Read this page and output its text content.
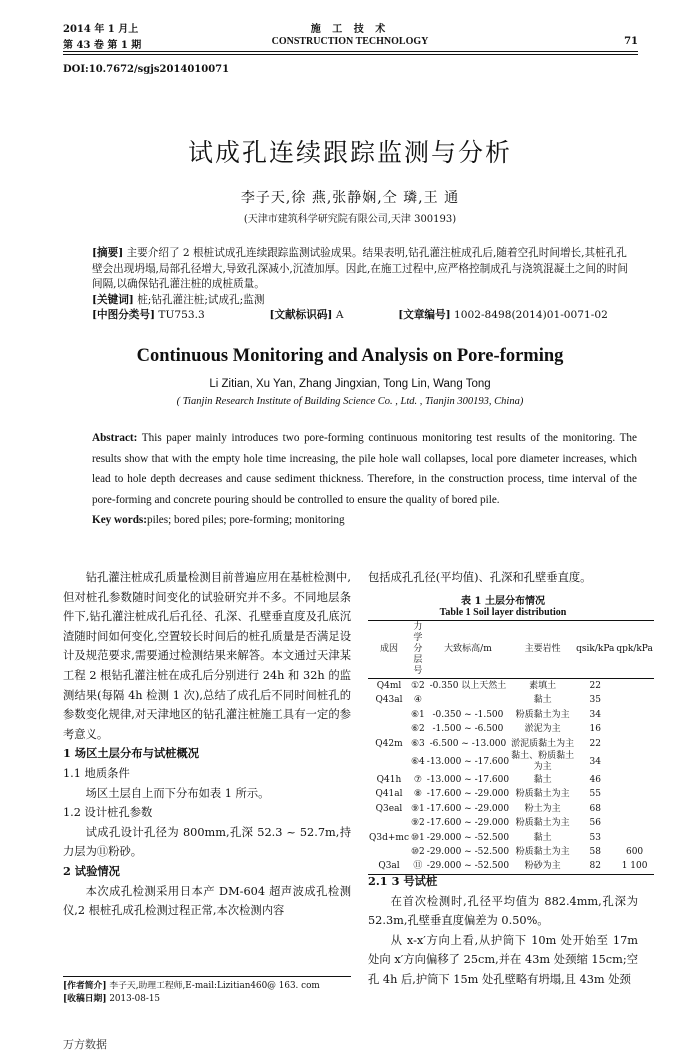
2014 年 1 月上
第 43 卷 第 1 期
施 工 技 术
CONSTRUCTION TECHNOLOGY	71
DOI:10.7672/sgjs2014010071
试成孔连续跟踪监测与分析
李子天,徐 燕,张静娴,仝 璘,王 通
(天津市建筑科学研究院有限公司,天津 300193)

[摘要] 主要介绍了 2 根桩试成孔连续跟踪监测试验成果。结果表明,钻孔灌注桩成孔后,随着空孔时间增长,其桩孔孔壁会出现坍塌,局部孔径增大,导致孔深减小,沉渣加厚。因此,在施工过程中,应严格控制成孔与浇筑混凝土之间的时间间隔,以确保钻孔灌注桩的成桩质量。

[关键词] 桩;钻孔灌注桩;试成孔;监测

[中图分类号] TU753.3	[文献标识码] A	[文章编号] 1002-8498(2014)01-0071-02

Continuous Monitoring and Analysis on Pore-forming
Li Zitian, Xu Yan, Zhang Jingxian, Tong Lin, Wang Tong
( Tianjin Research Institute of Building Science Co. , Ltd. , Tianjin 300193, China)
Abstract: This paper mainly introduces two pore-forming continuous monitoring test results of the monitoring. The results show that with the empty hole time increasing, the pile hole wall collapses, local pore diameter increases, which lead to hole depth decreases and cause sediment thickness. Therefore, in the construction process, time interval of the pore-forming and concrete pouring should be controlled to ensure the quality of bored pile.
Key words:piles; bored piles; pore-forming; monitoring

钻孔灌注桩成孔质量检测目前普遍应用在基桩检测中,但对桩孔参数随时间变化的试验研究并不多。不同地层条件下,钻孔灌注桩成孔后孔径、孔深、孔壁垂直度及孔底沉渣随时间如何变化,空置较长时间后的桩孔质量是否满足设计及规范要求,需要通过检测结果来解答。本文通过天津某工程 2 根钻孔灌注桩在成孔后分别进行 24h 和 32h 的监测结果(每隔 4h 检测 1 次),总结了成孔后不同时间桩孔的参数变化规律,对天津地区的钻孔灌注桩施工具有一定的参考意义。

1 场区土层分布与试桩概况
1.1 地质条件

场区土层自上而下分布如表 1 所示。

1.2 设计桩孔参数

试成孔设计孔径为 800mm,孔深 52.3 ~ 52.7m,持力层为⑪粉砂。

2 试验情况

本次成孔检测采用日本产 DM-604 超声波成孔检测仪,2 根桩孔成孔检测过程正常,本次检测内容

[作者简介] 李子天,助理工程师,E-mail:Lizitian460@ 163. com
[收稿日期] 2013-08-15
万方数据
包括成孔孔径(平均值)、孔深和孔壁垂直度。
表 1 土层分布情况
Table 1 Soil layer distribution
成因	力学分层号	大致标高/m	主要岩性	qsik/kPa	qpk/kPa
Q4ml	①2	-0.350 以上天然土	素填土	22	
Q43al	④		黏土	35	
	⑥1	-0.350 ~ -1.500	粉质黏土为主	34	
	⑥2	-1.500 ~ -6.500	淤泥为主	16	
Q42m	⑥3	-6.500 ~ -13.000	淤泥质黏土为主	22	
	⑥4	-13.000 ~ -17.600	黏土、粉质黏土为主	34	
Q41h	⑦	-13.000 ~ -17.600	黏土	46	
Q41al	⑧	-17.600 ~ -29.000	粉质黏土为主	55	
Q3eal	⑨1	-17.600 ~ -29.000	粉土为主	68	
	⑨2	-17.600 ~ -29.000	粉质黏土为主	56	
Q3d+mc	⑩1	-29.000 ~ -52.500	黏土	53	
	⑩2	-29.000 ~ -52.500	粉质黏土为主	58	600
Q3al	⑪	-29.000 ~ -52.500	粉砂为主	82	1 100
2.1 3 号试桩

在首次检测时,孔径平均值为 882.4mm,孔深为 52.3m,孔壁垂直度偏差为 0.50%。

从 x-x′方向上看,从护筒下 10m 处开始至 17m 处向 x′方向偏移了 25cm,并在 43m 处颈缩 15cm;空孔 4h 后,护筒下 15m 处孔壁略有坍塌,且 43m 处颈
